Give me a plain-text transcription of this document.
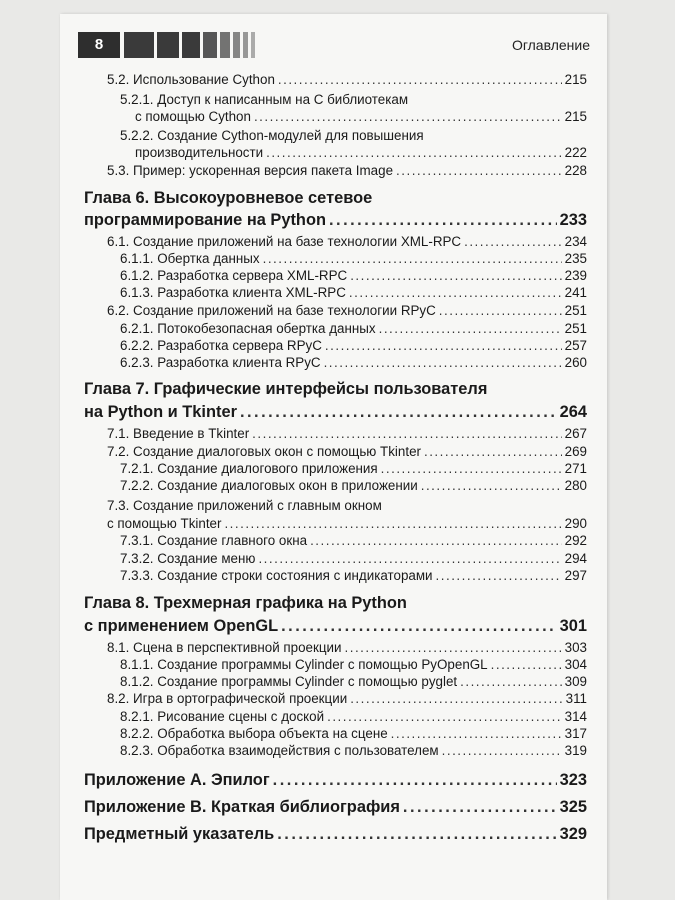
8	Оглавление
5.2. Использование Cython .....	215
5.2.1. Доступ к написанным на С библиотекам
с помощью Cython .....	215
5.2.2. Создание Cython-модулей для повышения
производительности .....	222
5.3. Пример: ускоренная версия пакета Image .....	228
Глава 6. Высокоуровневое сетевое
программирование на Python .....	233
6.1. Создание приложений на базе технологии XML-RPC .....	234
6.1.1. Обертка данных .....	235
6.1.2. Разработка сервера XML-RPC .....	239
6.1.3. Разработка клиента XML-RPC .....	241
6.2. Создание приложений на базе технологии RPyC .....	251
6.2.1. Потокобезопасная обертка данных .....	251
6.2.2. Разработка сервера RPyC .....	257
6.2.3. Разработка клиента RPyC .....	260
Глава 7. Графические интерфейсы пользователя
на Python и Tkinter .....	264
7.1. Введение в Tkinter .....	267
7.2. Создание диалоговых окон с помощью Tkinter .....	269
7.2.1. Создание диалогового приложения .....	271
7.2.2. Создание диалоговых окон в приложении .....	280
7.3. Создание приложений с главным окном
с помощью Tkinter .....	290
7.3.1. Создание главного окна .....	292
7.3.2. Создание меню .....	294
7.3.3. Создание строки состояния с индикаторами .....	297
Глава 8. Трехмерная графика на Python
с применением OpenGL .....	301
8.1. Сцена в перспективной проекции .....	303
8.1.1. Создание программы Cylinder с помощью PyOpenGL .....	304
8.1.2. Создание программы Cylinder с помощью pyglet .....	309
8.2. Игра в ортографической проекции .....	311
8.2.1. Рисование сцены с доской .....	314
8.2.2. Обработка выбора объекта на сцене .....	317
8.2.3. Обработка взаимодействия с пользователем .....	319
Приложение А. Эпилог .....	323
Приложение В. Краткая библиография .....	325
Предметный указатель .....	329
